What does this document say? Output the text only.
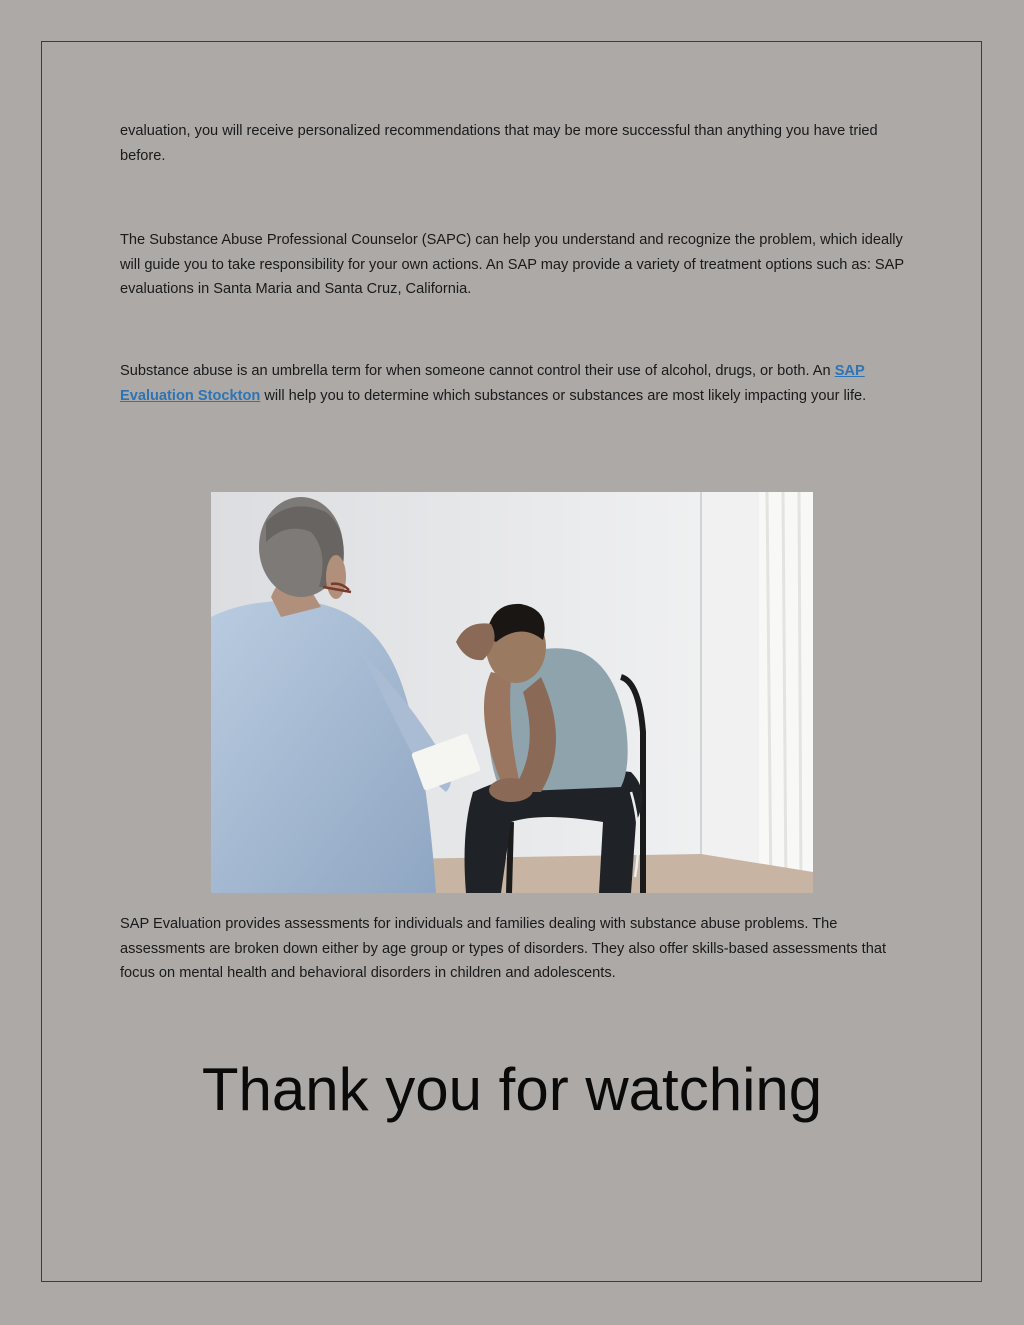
evaluation, you will receive personalized recommendations that may be more successful than anything you have tried before.

The Substance Abuse Professional Counselor (SAPC) can help you understand and recognize the problem, which ideally will guide you to take responsibility for your own actions. An SAP may provide a variety of treatment options such as: SAP evaluations in Santa Maria and Santa Cruz, California.

Substance abuse is an umbrella term for when someone cannot control their use of alcohol, drugs, or both. An SAP Evaluation Stockton will help you to determine which substances or substances are most likely impacting your life.

SAP Evaluation provides assessments for individuals and families dealing with substance abuse problems. The assessments are broken down either by age group or types of disorders. They also offer skills-based assessments that focus on mental health and behavioral disorders in children and adolescents.

Thank you for watching
